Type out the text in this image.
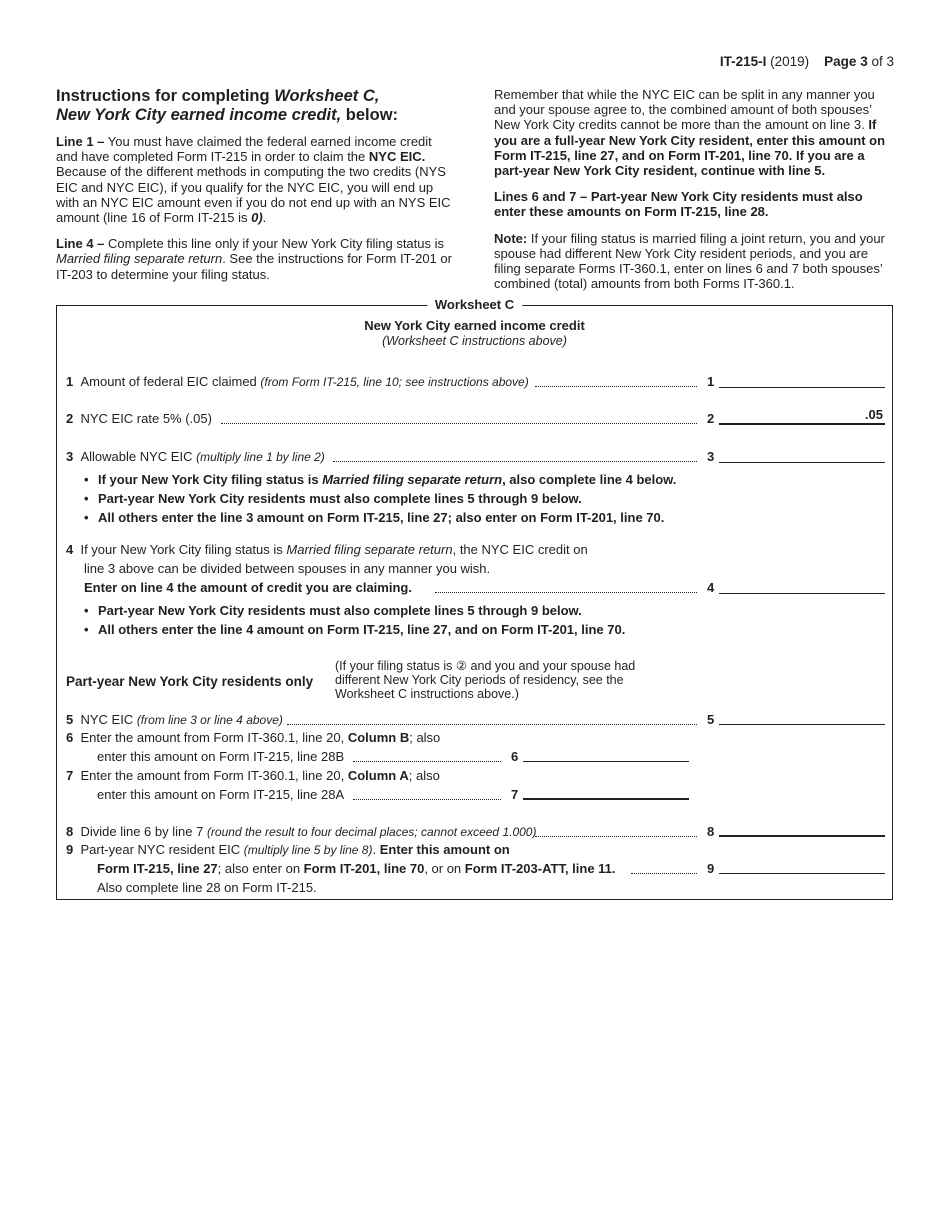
IT-215-I (2019) Page 3 of 3
Instructions for completing Worksheet C,
New York City earned income credit, below:

Line 1 – You must have claimed the federal earned income credit and have completed Form IT-215 in order to claim the NYC EIC. Because of the different methods in computing the two credits (NYS EIC and NYC EIC), if you qualify for the NYC EIC, you will end up with an NYC EIC amount even if you do not end up with an NYS EIC amount (line 16 of Form IT-215 is 0).

Line 4 – Complete this line only if your New York City filing status is Married filing separate return. See the instructions for Form IT-201 or IT-203 to determine your filing status.

Remember that while the NYC EIC can be split in any manner you and your spouse agree to, the combined amount of both spouses’ New York City credits cannot be more than the amount on line 3. If you are a full-year New York City resident, enter this amount on Form IT-215, line 27, and on Form IT-201, line 70. If you are a part-year New York City resident, continue with line 5.

Lines 6 and 7 – Part-year New York City residents must also enter these amounts on Form IT-215, line 28.

Note: If your filing status is married filing a joint return, you and your spouse had different New York City resident periods, and you are filing separate Forms IT-360.1, enter on lines 6 and 7 both spouses’ combined (total) amounts from both Forms IT-360.1.

Worksheet C
New York City earned income credit
(Worksheet C instructions above)
1 Amount of federal EIC claimed (from Form IT-215, line 10; see instructions above)	1
2 NYC EIC rate 5% (.05)	2	.05
3 Allowable NYC EIC (multiply line 1 by line 2)	3
• If your New York City filing status is Married filing separate return, also complete line 4 below.
• Part-year New York City residents must also complete lines 5 through 9 below.
• All others enter the line 3 amount on Form IT-215, line 27; also enter on Form IT-201, line 70.
4 If your New York City filing status is Married filing separate return, the NYC EIC credit on
line 3 above can be divided between spouses in any manner you wish.
Enter on line 4 the amount of credit you are claiming.	4
• Part-year New York City residents must also complete lines 5 through 9 below.
• All others enter the line 4 amount on Form IT-215, line 27, and on Form IT-201, line 70.
Part-year New York City residents only
(If your filing status is ② and you and your spouse had different New York City periods of residency, see the Worksheet C instructions above.)
5 NYC EIC (from line 3 or line 4 above)	5
6 Enter the amount from Form IT-360.1, line 20, Column B; also
enter this amount on Form IT-215, line 28B	6
7 Enter the amount from Form IT-360.1, line 20, Column A; also
enter this amount on Form IT-215, line 28A	7
8 Divide line 6 by line 7 (round the result to four decimal places; cannot exceed 1.000)	8
9 Part-year NYC resident EIC (multiply line 5 by line 8). Enter this amount on
Form IT-215, line 27; also enter on Form IT-201, line 70, or on Form IT-203-ATT, line 11.	9
Also complete line 28 on Form IT-215.
